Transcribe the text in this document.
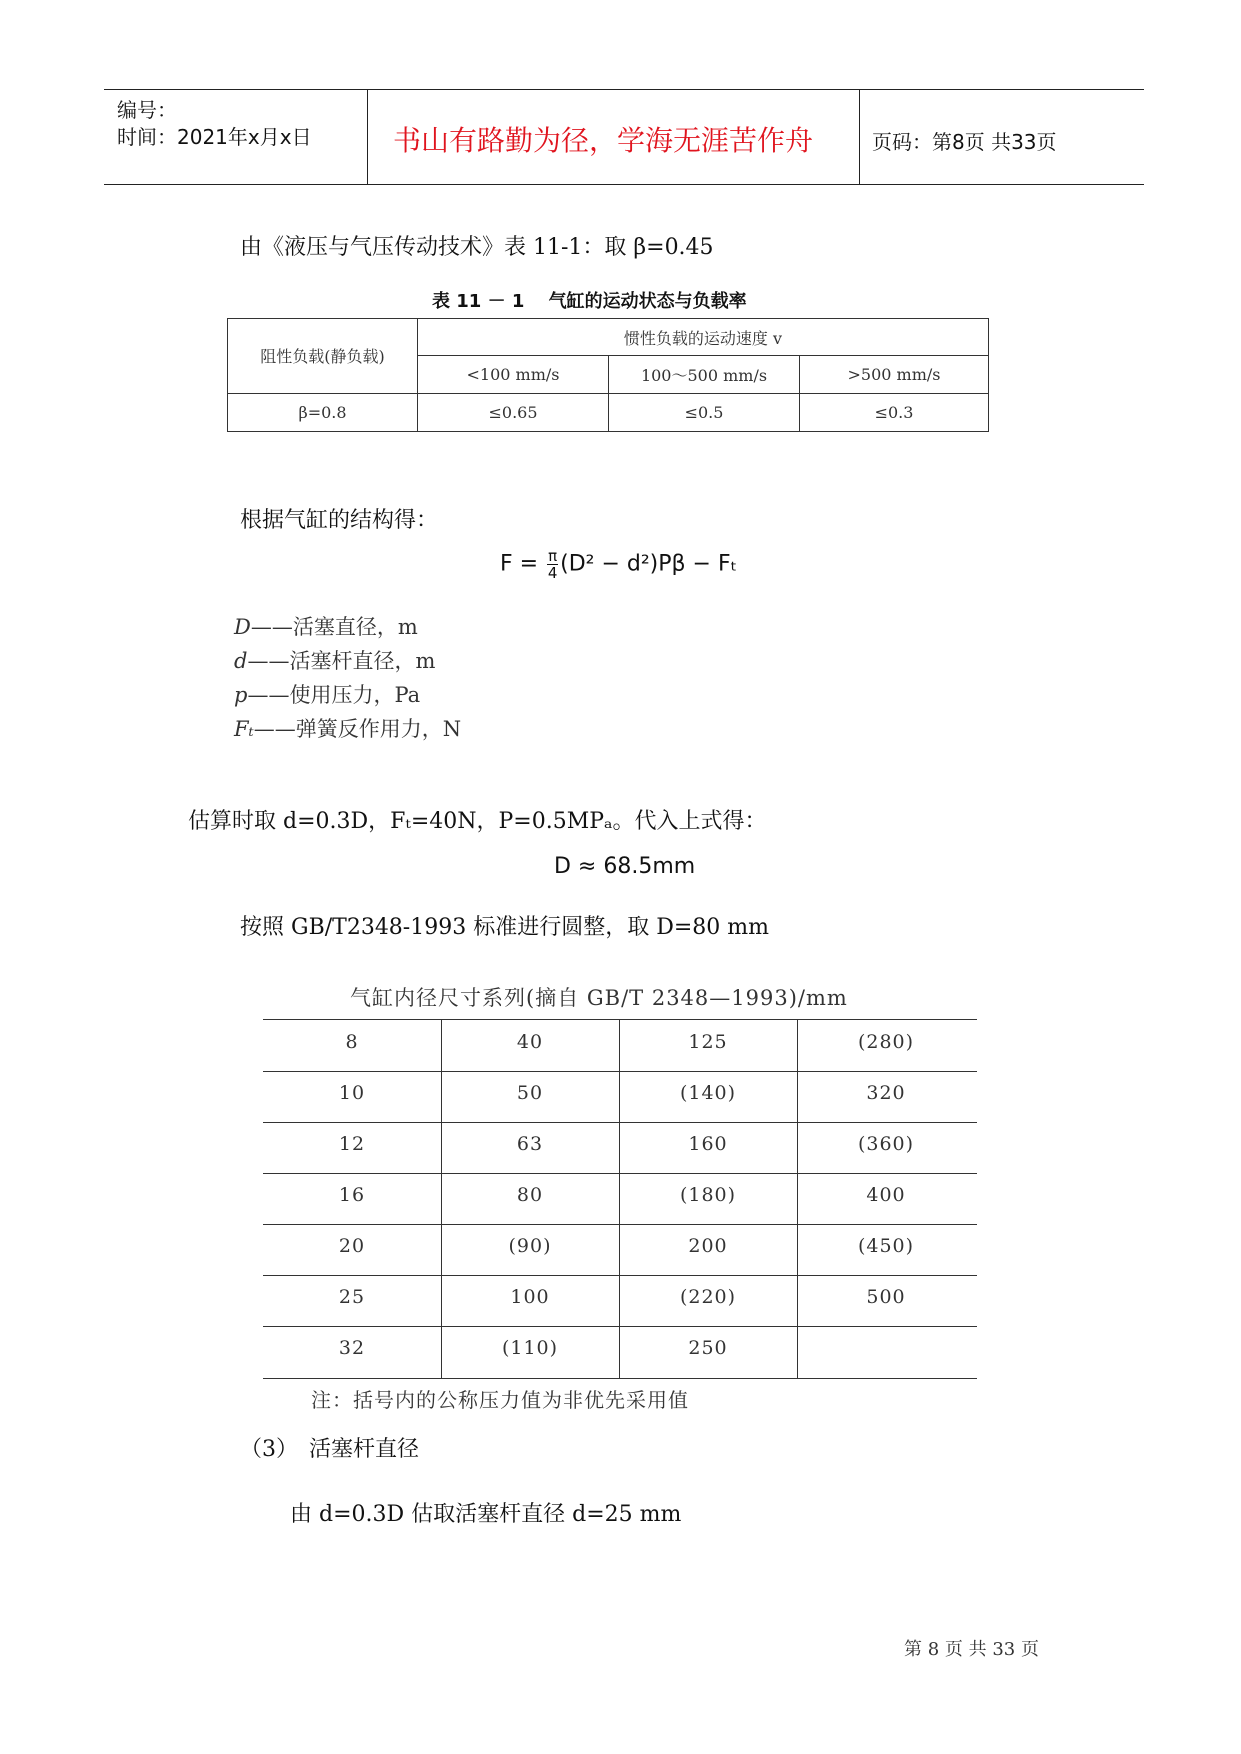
编号：
时间：2021年x月x日	书山有路勤为径，学海无涯苦作舟	页码：第8页 共33页
由《液压与气压传动技术》表 11-1：取 β=0.45
表 11 － 1　 气缸的运动状态与负载率
阻性负载(静负载)	惯性负载的运动速度 v		
	<100 mm/s	100～500 mm/s	>500 mm/s
β=0.8	≤0.65	≤0.5	≤0.3
根据气缸的结构得：
$F = \frac{\pi}{4} (D^2 - d^2)P\beta - F_t$
D——活塞直径，m
d——活塞杆直径，m
p——使用压力，Pa
Fₜ——弹簧反作用力，N
估算时取 d=0.3D，Fₜ=40N，P=0.5MPₐ。代入上式得：
D ≈ 68.5mm
按照 GB/T2348-1993 标准进行圆整，取 D=80 mm
气缸内径尺寸系列(摘自 GB/T 2348—1993)/mm
8	40	125	(280)
10	50	(140)	320
12	63	160	(360)
16	80	(180)	400
20	(90)	200	(450)
25	100	(220)	500
32	(110)	250
注：括号内的公称压力值为非优先采用值
（3）　活塞杆直径
由 d=0.3D 估取活塞杆直径 d=25 mm
第 8 页 共 33 页
